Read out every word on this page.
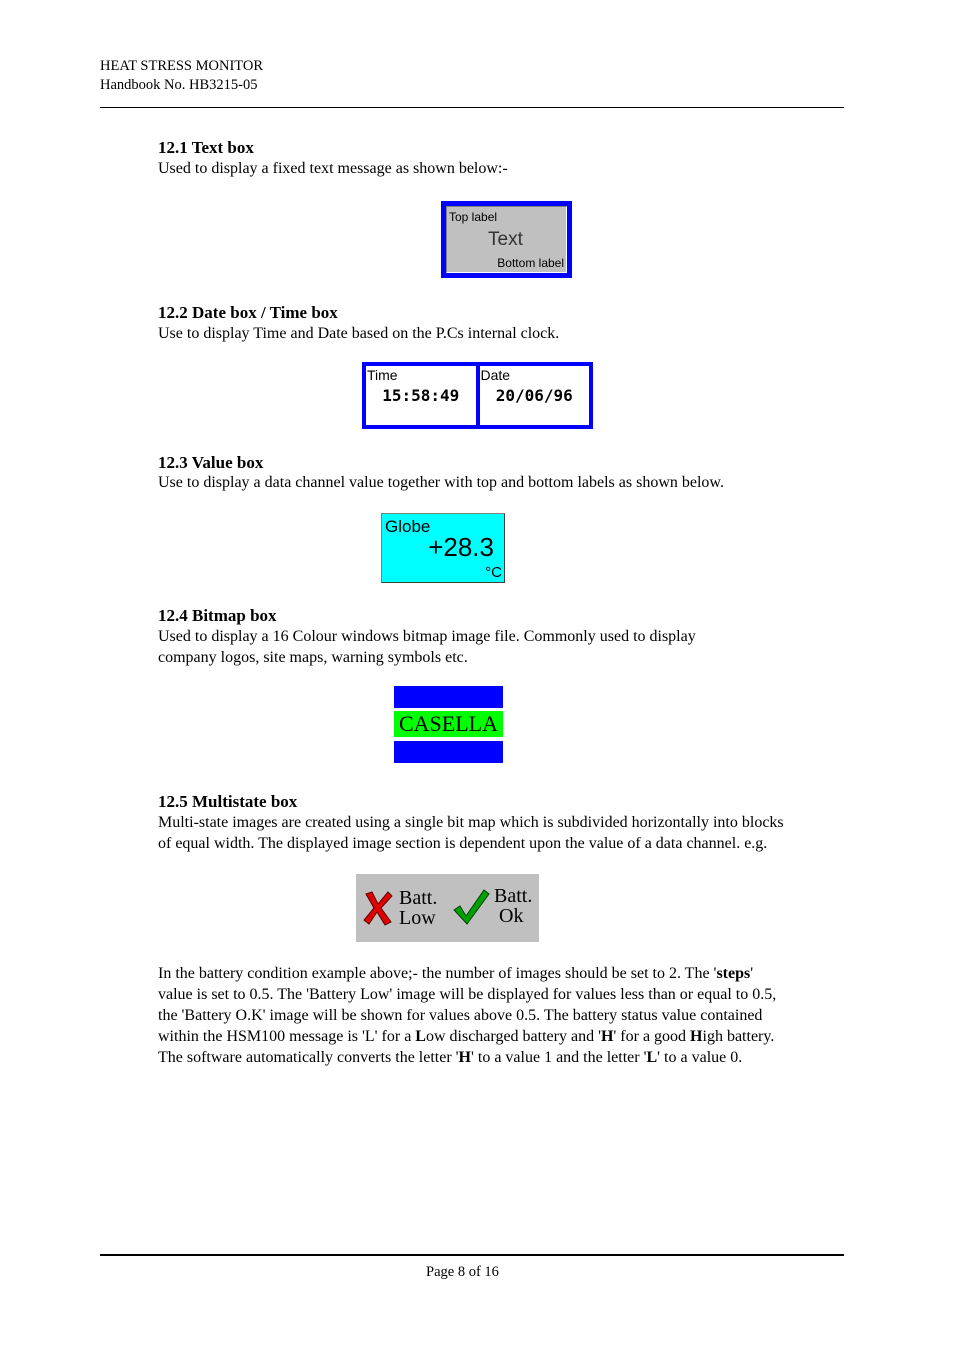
HEAT STRESS MONITOR
Handbook No. HB3215-05
12.1 Text box
Used to display a fixed text message as shown below:-
Top label
Text
Bottom label
12.2 Date box / Time box
Use to display Time and Date based on the P.Cs internal clock.
Time
15:58:49
Date
20/06/96
12.3 Value box
Use to display a data channel value together with top and bottom labels as shown below.
Globe
+28.3
°C
12.4 Bitmap box
Used to display a 16 Colour windows bitmap image file. Commonly used to display
company logos, site maps, warning symbols etc.
CASELLA
12.5 Multistate box
Multi-state images are created using a single bit map which is subdivided horizontally into blocks
of equal width. The displayed image section is dependent upon the value of a data channel. e.g.
Batt.
Low
Batt.
Ok
In the battery condition example above;- the number of images should be set to 2. The 'steps'
value is set to 0.5. The 'Battery Low' image will be displayed for values less than or equal to 0.5,
the 'Battery O.K' image will be shown for values above 0.5. The battery status value contained
within the HSM100 message is 'L' for a Low discharged battery and 'H' for a good High battery.
The software automatically converts the letter 'H' to a value 1 and the letter 'L' to a value 0.
Page 8 of 16
